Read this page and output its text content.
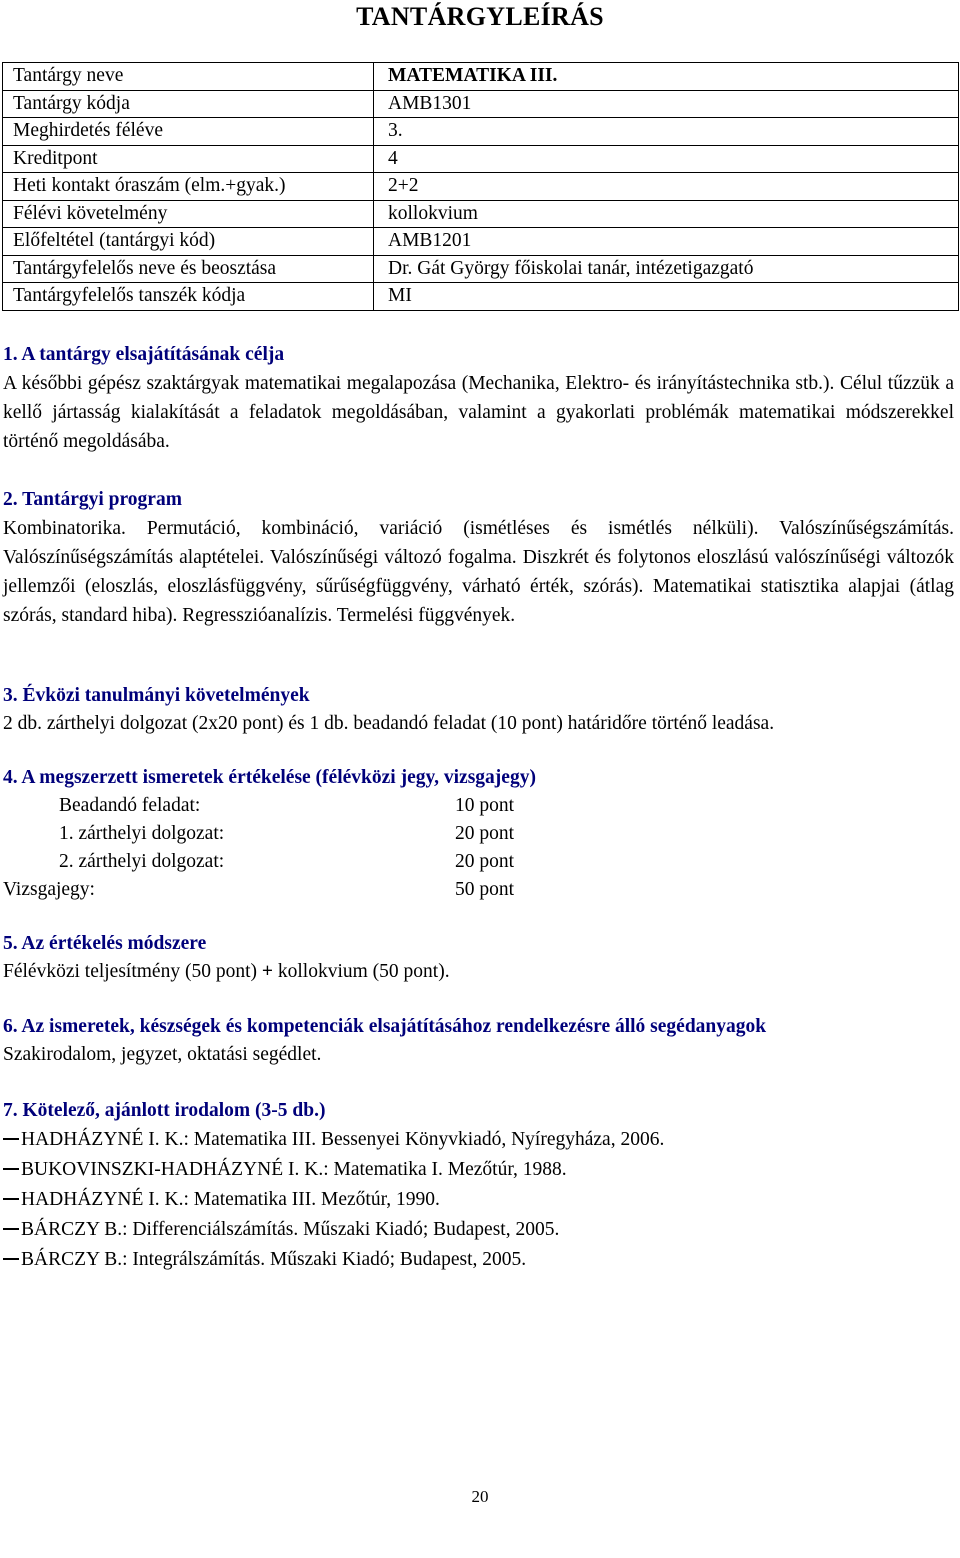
TANTÁRGYLEÍRÁS
Tantárgy neve	MATEMATIKA III.
Tantárgy kódja	AMB1301
Meghirdetés féléve	3.
Kreditpont	4
Heti kontakt óraszám (elm.+gyak.)	2+2
Félévi követelmény	kollokvium
Előfeltétel (tantárgyi kód)	AMB1201
Tantárgyfelelős neve és beosztása	Dr. Gát György főiskolai tanár, intézetigazgató
Tantárgyfelelős tanszék kódja	MI
1. A tantárgy elsajátításának célja
A későbbi gépész szaktárgyak matematikai megalapozása (Mechanika, Elektro- és irányítástechnika stb.). Célul tűzzük a kellő jártasság kialakítását a feladatok megoldásában, valamint a gyakorlati problémák matematikai módszerekkel történő megoldásába.
2. Tantárgyi program
Kombinatorika. Permutáció, kombináció, variáció (ismétléses és ismétlés nélküli). Valószínűségszámítás. Valószínűségszámítás alaptételei. Valószínűségi változó fogalma. Diszkrét és folytonos eloszlású valószínűségi változók jellemzői (eloszlás, eloszlásfüggvény, sűrűségfüggvény, várható érték, szórás). Matematikai statisztika alapjai (átlag szórás, standard hiba). Regresszióanalízis. Termelési függvények.
3. Évközi tanulmányi követelmények
2 db. zárthelyi dolgozat (2x20 pont) és 1 db. beadandó feladat (10 pont) határidőre történő leadása.
4. A megszerzett ismeretek értékelése (félévközi jegy, vizsgajegy)
Beadandó feladat:	10 pont
1. zárthelyi dolgozat:	20 pont
2. zárthelyi dolgozat:	20 pont
Vizsgajegy:	50 pont
5. Az értékelés módszere
Félévközi teljesítmény (50 pont) + kollokvium (50 pont).
6. Az ismeretek, készségek és kompetenciák elsajátításához rendelkezésre álló segédanyagok
Szakirodalom, jegyzet, oktatási segédlet.
7. Kötelező, ajánlott irodalom (3-5 db.)
HADHÁZYNÉ I. K.: Matematika III. Bessenyei Könyvkiadó, Nyíregyháza, 2006.
BUKOVINSZKI-HADHÁZYNÉ I. K.: Matematika I. Mezőtúr, 1988.
HADHÁZYNÉ I. K.: Matematika III. Mezőtúr, 1990.
BÁRCZY B.: Differenciálszámítás. Műszaki Kiadó; Budapest, 2005.
BÁRCZY B.: Integrálszámítás. Műszaki Kiadó; Budapest, 2005.
20
